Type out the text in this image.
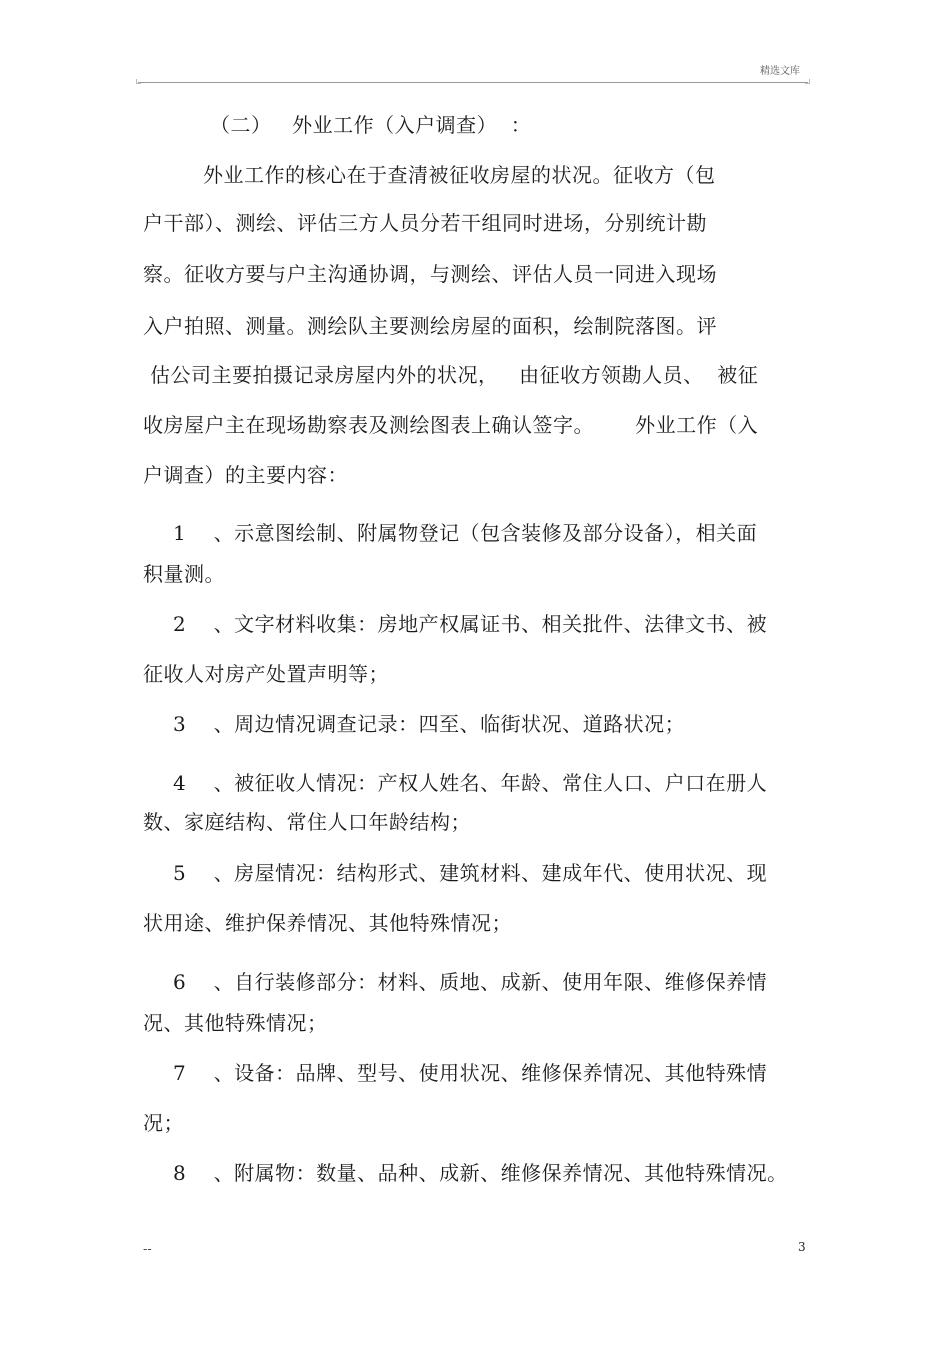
精选文库
（二）   外业工作（入户调查）  ：
外业工作的核心在于查清被征收房屋的状况。征收方（包
户干部）、测绘、评估三方人员分若干组同时进场，分别统计勘
察。征收方要与户主沟通协调，与测绘、评估人员一同进入现场
入户拍照、测量。测绘队主要测绘房屋的面积，绘制院落图。评
估公司主要拍摄记录房屋内外的状况，   由征收方领勘人员、  被征
收房屋户主在现场勘察表及测绘图表上确认签字。      外业工作（入
户调查）的主要内容：
1    、示意图绘制、附属物登记（包含装修及部分设备），相关面
积量测。
2    、文字材料收集：房地产权属证书、相关批件、法律文书、被
征收人对房产处置声明等；
3    、周边情况调查记录：四至、临街状况、道路状况；
4    、被征收人情况：产权人姓名、年龄、常住人口、户口在册人
数、家庭结构、常住人口年龄结构；
5    、房屋情况：结构形式、建筑材料、建成年代、使用状况、现
状用途、维护保养情况、其他特殊情况；
6    、自行装修部分：材料、质地、成新、使用年限、维修保养情
况、其他特殊情况；
7    、设备：品牌、型号、使用状况、维修保养情况、其他特殊情
况；
8    、附属物：数量、品种、成新、维修保养情况、其他特殊情况。
--	3
